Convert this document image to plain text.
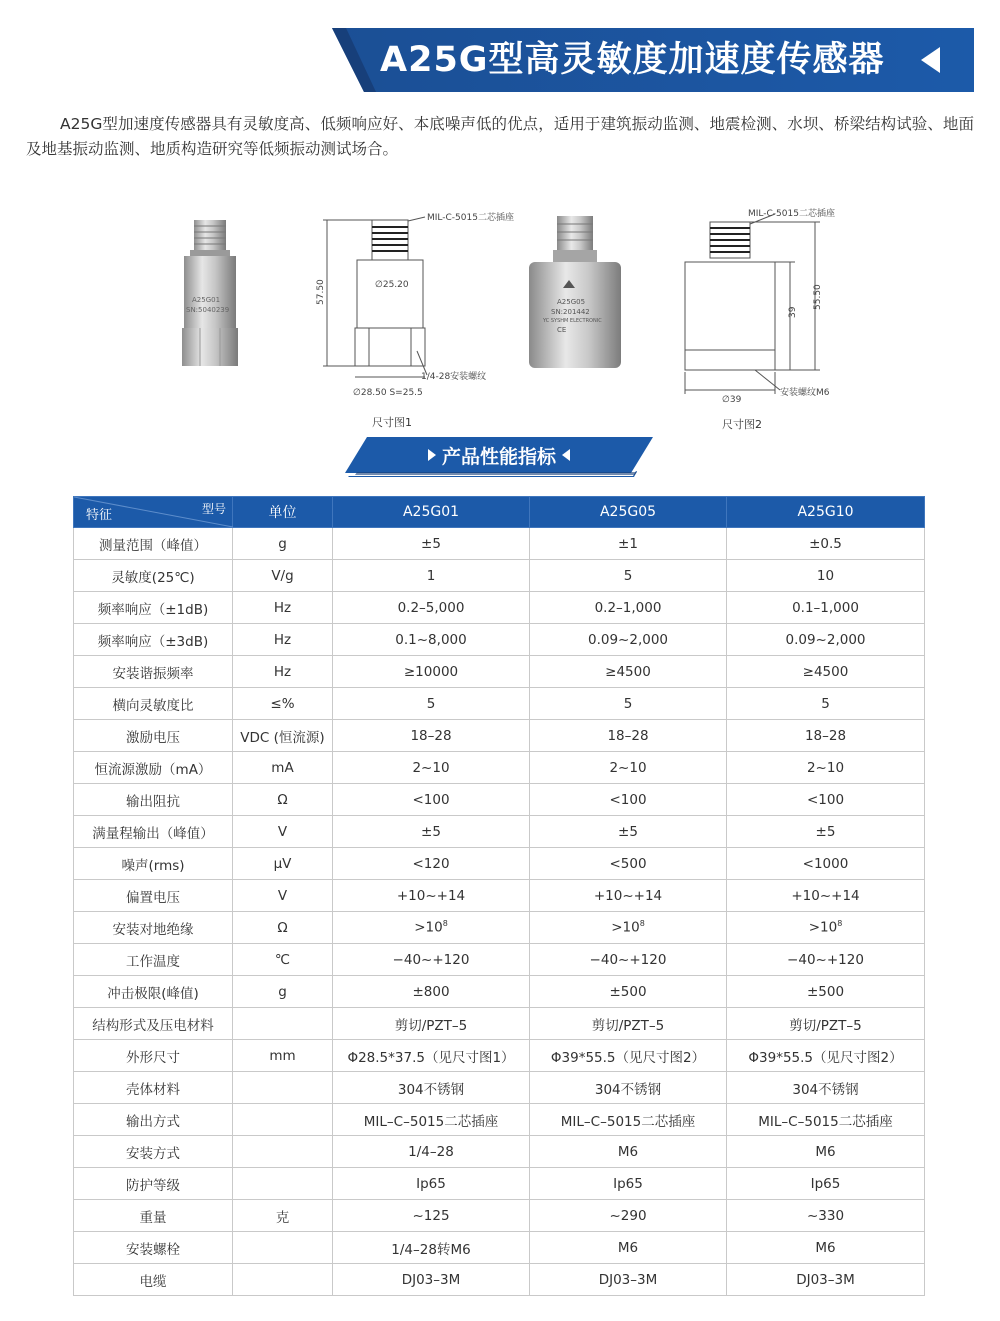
A25G型高灵敏度加速度传感器

A25G型加速度传感器具有灵敏度高、低频响应好、本底噪声低的优点，适用于建筑振动监测、地震检测、水坝、桥梁结构试验、地面及地基振动监测、地质构造研究等低频振动测试场合。

A25G01
SN:5040239
MIL-C-5015二芯插座
57.50	∅25.20
1/4-28安装螺纹
∅28.50 S=25.5
尺寸图1
A25G05
SN:201442
YC SYSHM ELECTRONIC
CE
MIL-C-5015二芯插座
39
55.50
安装螺纹M6
∅39
尺寸图2
产品性能指标
型号
特征	单位	A25G01	A25G05	A25G10
测量范围（峰值）	g	±5	±1	±0.5
灵敏度(25℃)	V/g	1	5	10
频率响应（±1dB)	Hz	0.2–5,000	0.2–1,000	0.1–1,000
频率响应（±3dB)	Hz	0.1~8,000	0.09~2,000	0.09~2,000
安装谐振频率	Hz	≥10000	≥4500	≥4500
横向灵敏度比	≤%	5	5	5
激励电压	VDC (恒流源)	18–28	18–28	18–28
恒流源激励（mA）	mA	2~10	2~10	2~10
输出阻抗	Ω	<100	<100	<100
满量程输出（峰值）	V	±5	±5	±5
噪声(rms)	μV	<120	<500	<1000
偏置电压	V	+10~+14	+10~+14	+10~+14
安装对地绝缘	Ω	$>10^8$	$>10^8$	$>10^8$
工作温度	℃	−40~+120	−40~+120	−40~+120
冲击极限(峰值)	g	±800	±500	±500
结构形式及压电材料		剪切/PZT–5	剪切/PZT–5	剪切/PZT–5
外形尺寸	mm	Φ28.5*37.5（见尺寸图1）	Φ39*55.5（见尺寸图2）	Φ39*55.5（见尺寸图2）
壳体材料		304不锈钢	304不锈钢	304不锈钢
输出方式		MIL–C–5015二芯插座	MIL–C–5015二芯插座	MIL–C–5015二芯插座
安装方式		1/4–28	M6	M6
防护等级		Ip65	Ip65	Ip65
重量	克	~125	~290	~330
安装螺栓		1/4–28转M6	M6	M6
电缆		DJ03–3M	DJ03–3M	DJ03–3M
